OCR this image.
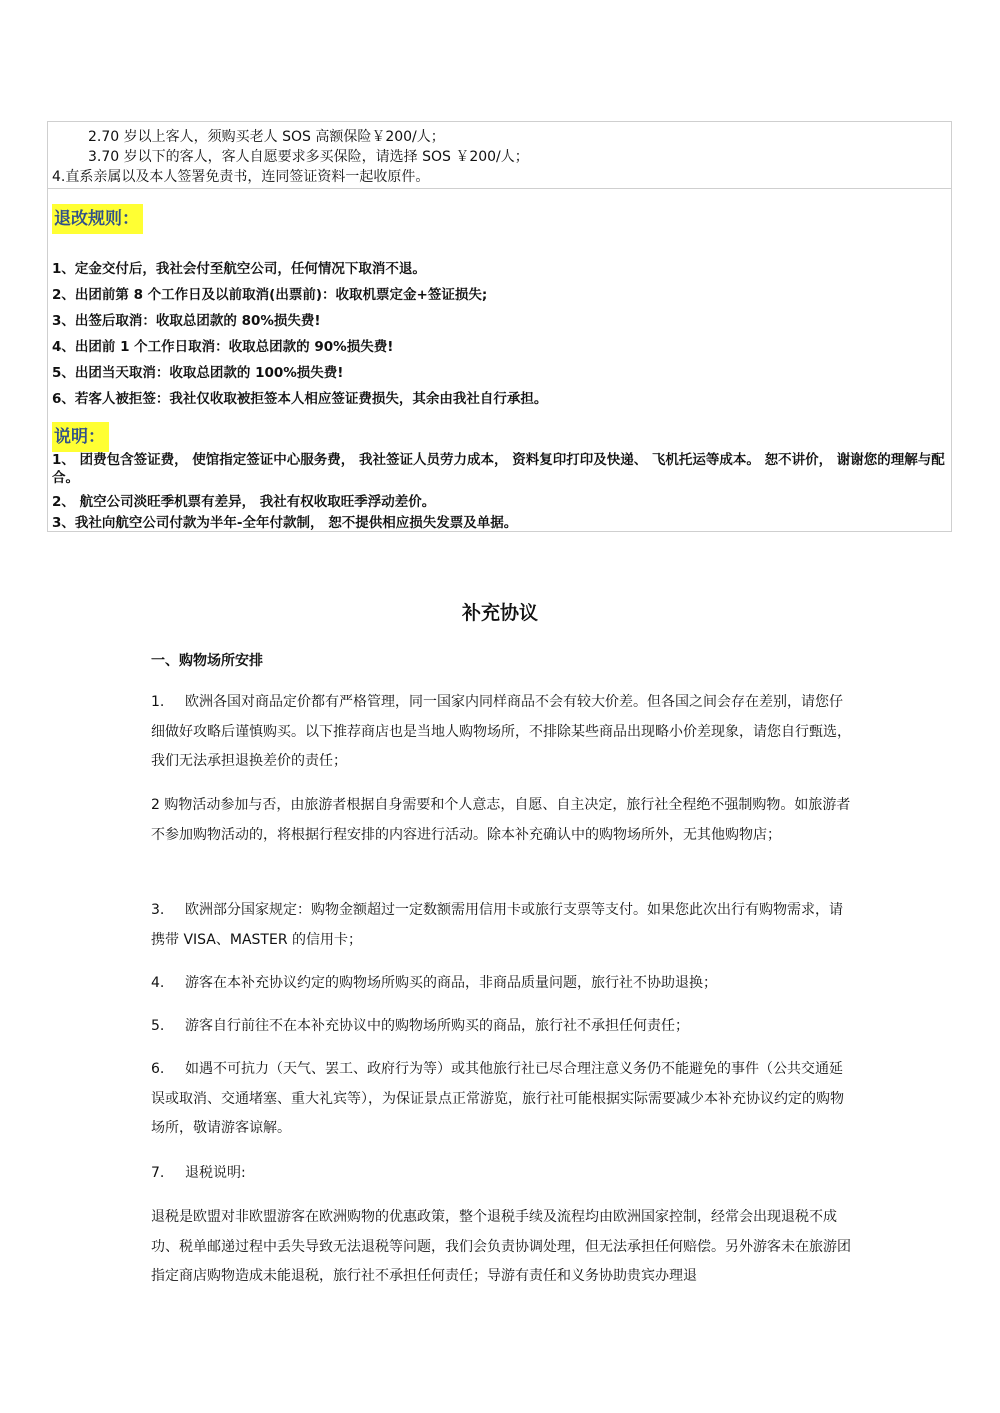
2.70 岁以上客人，须购买老人 SOS 高额保险￥200/人；
3.70 岁以下的客人，客人自愿要求多买保险，请选择 SOS ￥200/人；
4.直系亲属以及本人签署免责书，连同签证资料一起收原件。
退改规则：
1、定金交付后，我社会付至航空公司，任何情况下取消不退。
2、出团前第 8 个工作日及以前取消(出票前)：收取机票定金+签证损失;
3、出签后取消：收取总团款的 80%损失费!
4、出团前 1 个工作日取消：收取总团款的 90%损失费!
5、出团当天取消：收取总团款的 100%损失费!
6、若客人被拒签：我社仅收取被拒签本人相应签证费损失，其余由我社自行承担。
说明：
1、 团费包含签证费， 使馆指定签证中心服务费， 我社签证人员劳力成本， 资料复印打印及快递、 飞机托运等成本。 恕不讲价， 谢谢您的理解与配合。
2、 航空公司淡旺季机票有差异， 我社有权收取旺季浮动差价。
3、我社向航空公司付款为半年-全年付款制， 恕不提供相应损失发票及单据。
补充协议
一、购物场所安排
1. 欧洲各国对商品定价都有严格管理，同一国家内同样商品不会有较大价差。但各国之间会存在差别，请您仔细做好攻略后谨慎购买。以下推荐商店也是当地人购物场所，不排除某些商品出现略小价差现象，请您自行甄选，我们无法承担退换差价的责任；
2 购物活动参加与否，由旅游者根据自身需要和个人意志，自愿、自主决定，旅行社全程绝不强制购物。如旅游者不参加购物活动的，将根据行程安排的内容进行活动。除本补充确认中的购物场所外，无其他购物店；
3. 欧洲部分国家规定：购物金额超过一定数额需用信用卡或旅行支票等支付。如果您此次出行有购物需求，请携带 VISA、MASTER 的信用卡；
4. 游客在本补充协议约定的购物场所购买的商品，非商品质量问题，旅行社不协助退换；
5. 游客自行前往不在本补充协议中的购物场所购买的商品，旅行社不承担任何责任；
6. 如遇不可抗力（天气、罢工、政府行为等）或其他旅行社已尽合理注意义务仍不能避免的事件（公共交通延误或取消、交通堵塞、重大礼宾等），为保证景点正常游览，旅行社可能根据实际需要减少本补充协议约定的购物场所，敬请游客谅解。
7. 退税说明:
退税是欧盟对非欧盟游客在欧洲购物的优惠政策，整个退税手续及流程均由欧洲国家控制，经常会出现退税不成功、税单邮递过程中丢失导致无法退税等问题，我们会负责协调处理，但无法承担任何赔偿。另外游客未在旅游团指定商店购物造成未能退税，旅行社不承担任何责任；导游有责任和义务协助贵宾办理退
